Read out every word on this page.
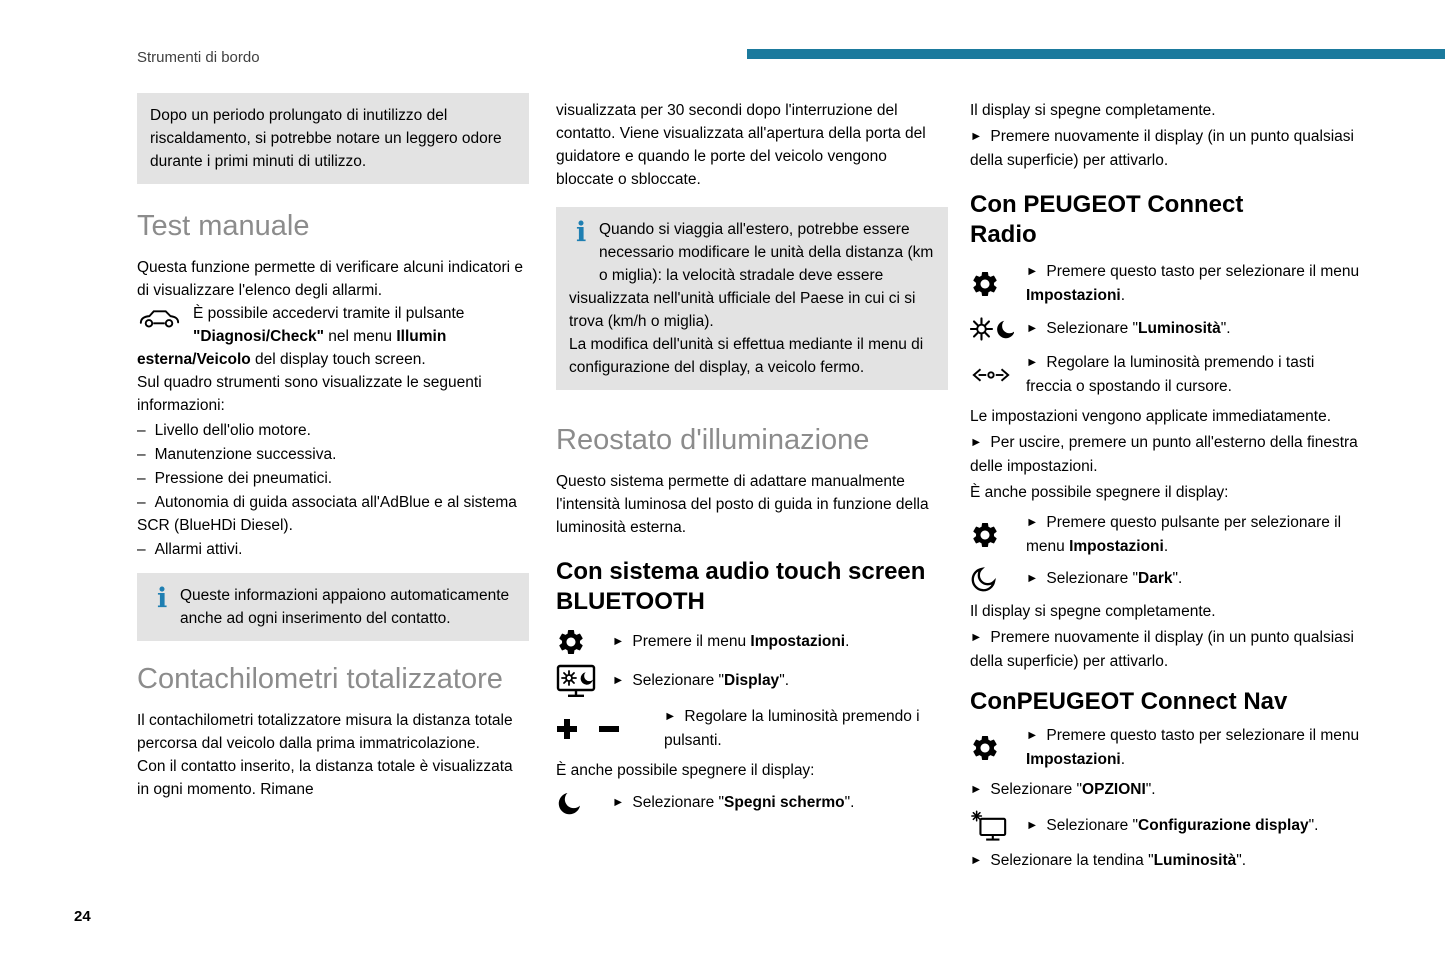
Strumenti di bordo

Dopo un periodo prolungato di inutilizzo del riscaldamento, si potrebbe notare un leggero odore durante i primi minuti di utilizzo.

Test manuale

Questa funzione permette di verificare alcuni indicatori e di visualizzare l'elenco degli allarmi.

È possibile accedervi tramite il pulsante "Diagnosi/Check" nel menu Illumin esterna/Veicolo del display touch screen.

Sul quadro strumenti sono visualizzate le seguenti informazioni:

– Livello dell'olio motore.
– Manutenzione successiva.
– Pressione dei pneumatici.
– Autonomia di guida associata all'AdBlue e al sistema SCR (BlueHDi Diesel).
– Allarmi attivi.

i Queste informazioni appaiono automaticamente anche ad ogni inserimento del contatto.

Contachilometri totalizzatore

Il contachilometri totalizzatore misura la distanza totale percorsa dal veicolo dalla prima immatricolazione.

Con il contatto inserito, la distanza totale è visualizzata in ogni momento. Rimane

visualizzata per 30 secondi dopo l'interruzione del contatto. Viene visualizzata all'apertura della porta del guidatore e quando le porte del veicolo vengono bloccate o sbloccate.

i Quando si viaggia all'estero, potrebbe essere necessario modificare le unità della distanza (km o miglia): la velocità stradale deve essere visualizzata nell'unità ufficiale del Paese in cui ci si trova (km/h o miglia).

La modifica dell'unità si effettua mediante il menu di configurazione del display, a veicolo fermo.

Reostato d'illuminazione

Questo sistema permette di adattare manualmente l'intensità luminosa del posto di guida in funzione della luminosità esterna.

Con sistema audio touch screen BLUETOOTH

► Premere il menu Impostazioni.

► Selezionare "Display".

► Regolare la luminosità premendo i pulsanti.

È anche possibile spegnere il display:

► Selezionare "Spegni schermo".

Il display si spegne completamente.

► Premere nuovamente il display (in un punto qualsiasi della superficie) per attivarlo.

Con PEUGEOT Connect Radio

► Premere questo tasto per selezionare il menu Impostazioni.

► Selezionare "Luminosità".

► Regolare la luminosità premendo i tasti freccia o spostando il cursore.

Le impostazioni vengono applicate immediatamente.

► Per uscire, premere un punto all'esterno della finestra delle impostazioni.

È anche possibile spegnere il display:

► Premere questo pulsante per selezionare il menu Impostazioni.

► Selezionare "Dark".

Il display si spegne completamente.

► Premere nuovamente il display (in un punto qualsiasi della superficie) per attivarlo.

ConPEUGEOT Connect Nav

► Premere questo tasto per selezionare il menu Impostazioni.

► Selezionare "OPZIONI".

► Selezionare "Configurazione display".

► Selezionare la tendina "Luminosità".

24
